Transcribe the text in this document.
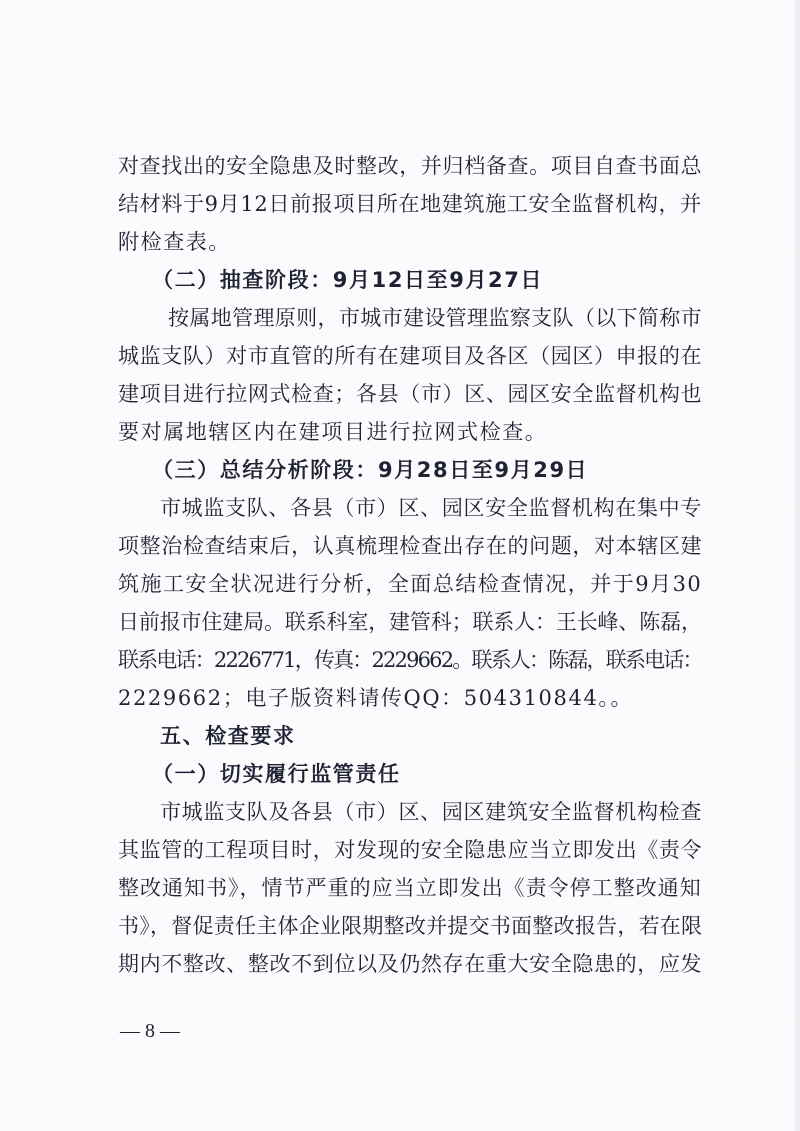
对查找出的安全隐患及时整改，并归档备查。项目自查书面总
结材料于9月12日前报项目所在地建筑施工安全监督机构，并
附检查表。
（二）抽查阶段：9月12日至9月27日
按属地管理原则，市城市建设管理监察支队（以下简称市
城监支队）对市直管的所有在建项目及各区（园区）申报的在
建项目进行拉网式检查；各县（市）区、园区安全监督机构也
要对属地辖区内在建项目进行拉网式检查。
（三）总结分析阶段：9月28日至9月29日
市城监支队、各县（市）区、园区安全监督机构在集中专
项整治检查结束后，认真梳理检查出存在的问题，对本辖区建
筑施工安全状况进行分析，全面总结检查情况，并于9月30
日前报市住建局。联系科室，建管科；联系人：王长峰、陈磊，
联系电话：2226771，传真：2229662。联系人：陈磊，联系电话：
2229662；电子版资料请传QQ：504310844。。
五、检查要求
（一）切实履行监管责任
市城监支队及各县（市）区、园区建筑安全监督机构检查
其监管的工程项目时，对发现的安全隐患应当立即发出《责令
整改通知书》，情节严重的应当立即发出《责令停工整改通知
书》，督促责任主体企业限期整改并提交书面整改报告，若在限
期内不整改、整改不到位以及仍然存在重大安全隐患的，应发
— 8 —
